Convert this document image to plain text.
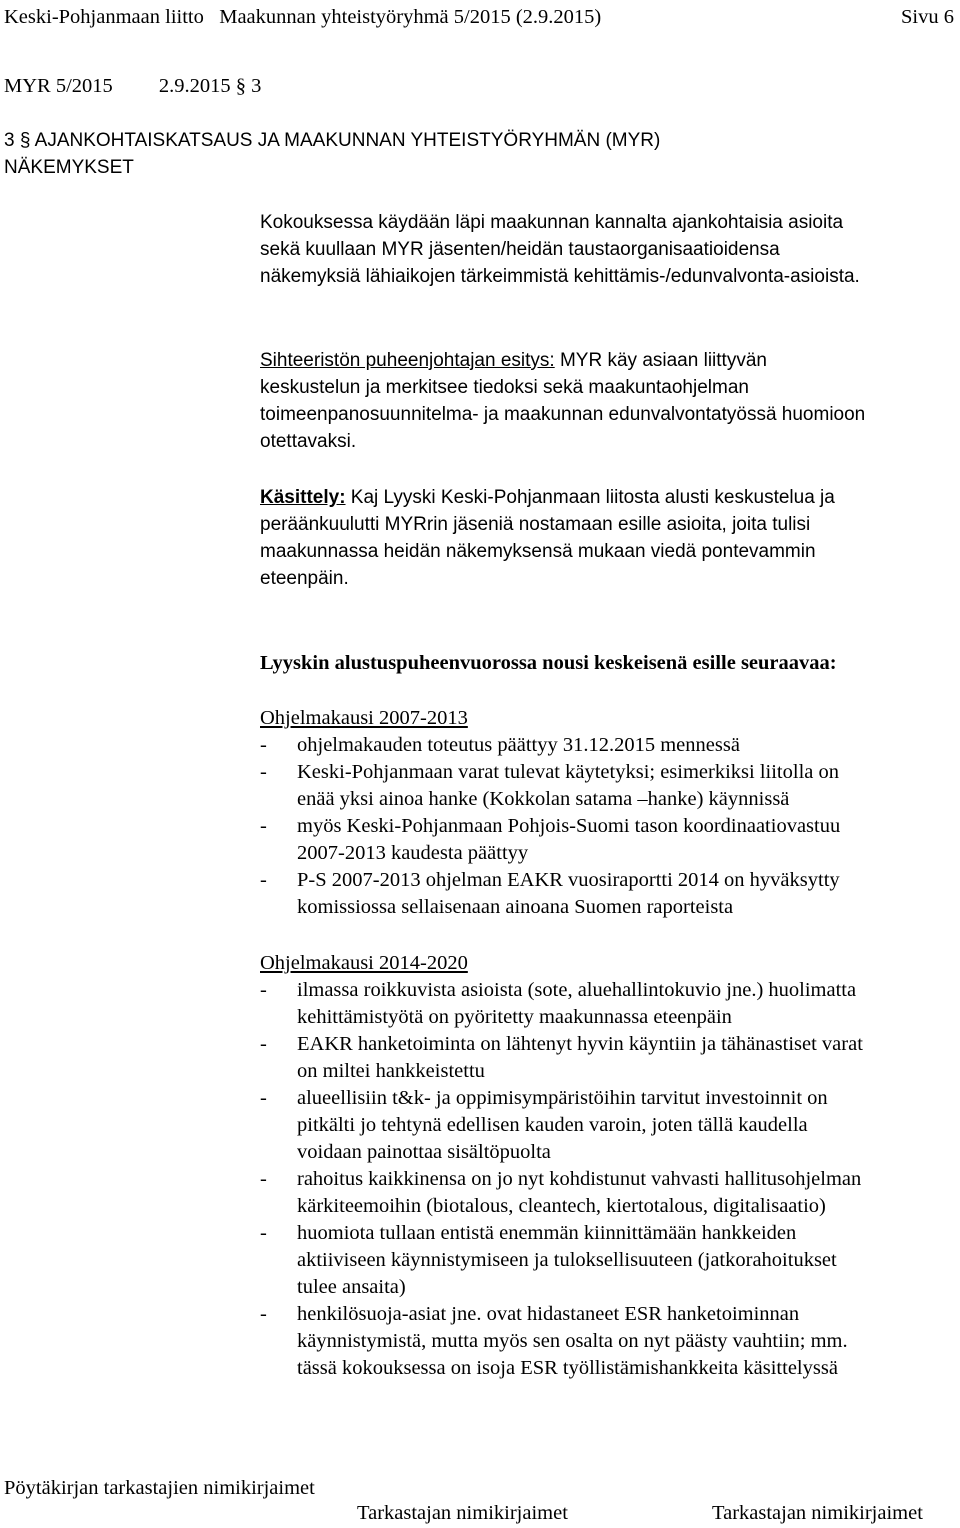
Keski-Pohjanmaan liitto   Maakunnan yhteistyöryhmä 5/2015 (2.9.2015)	Sivu 6
MYR 5/2015         2.9.2015 § 3
3 § AJANKOHTAISKATSAUS JA MAAKUNNAN YHTEISTYÖRYHMÄN (MYR)
NÄKEMYKSET
Kokouksessa käydään läpi maakunnan kannalta ajankohtaisia asioita
sekä kuullaan MYR jäsenten/heidän taustaorganisaatioidensa
näkemyksiä lähiaikojen tärkeimmistä kehittämis-/edunvalvonta-asioista.
Sihteeristön puheenjohtajan esitys: MYR käy asiaan liittyvän
keskustelun ja merkitsee tiedoksi sekä maakuntaohjelman
toimeenpanosuunnitelma- ja maakunnan edunvalvontatyössä huomioon
otettavaksi.
Käsittely: Kaj Lyyski Keski-Pohjanmaan liitosta alusti keskustelua ja
peräänkuulutti MYRrin jäseniä nostamaan esille asioita, joita tulisi
maakunnassa heidän näkemyksensä mukaan viedä pontevammin
eteenpäin.
Lyyskin alustuspuheenvuorossa nousi keskeisenä esille seuraavaa:
Ohjelmakausi 2007-2013
- ohjelmakauden toteutus päättyy 31.12.2015 mennessä
- Keski-Pohjanmaan varat tulevat käytetyksi; esimerkiksi liitolla on
enää yksi ainoa hanke (Kokkolan satama –hanke) käynnissä
- myös Keski-Pohjanmaan Pohjois-Suomi tason koordinaatiovastuu
2007-2013 kaudesta päättyy
- P-S 2007-2013 ohjelman EAKR vuosiraportti 2014 on hyväksytty
komissiossa sellaisenaan ainoana Suomen raporteista
Ohjelmakausi 2014-2020
- ilmassa roikkuvista asioista (sote, aluehallintokuvio jne.) huolimatta
kehittämistyötä on pyöritetty maakunnassa eteenpäin
- EAKR hanketoiminta on lähtenyt hyvin käyntiin ja tähänastiset varat
on miltei hankkeistettu
- alueellisiin t&k- ja oppimisympäristöihin tarvitut investoinnit on
pitkälti jo tehtynä edellisen kauden varoin, joten tällä kaudella
voidaan painottaa sisältöpuolta
- rahoitus kaikkinensa on jo nyt kohdistunut vahvasti hallitusohjelman
kärkiteemoihin (biotalous, cleantech, kiertotalous, digitalisaatio)
- huomiota tullaan entistä enemmän kiinnittämään hankkeiden
aktiiviseen käynnistymiseen ja tuloksellisuuteen (jatkorahoitukset
tulee ansaita)
- henkilösuoja-asiat jne. ovat hidastaneet ESR hanketoiminnan
käynnistymistä, mutta myös sen osalta on nyt päästy vauhtiin; mm.
tässä kokouksessa on isoja ESR työllistämishankkeita käsittelyssä
Pöytäkirjan tarkastajien nimikirjaimet
Tarkastajan nimikirjaimet	Tarkastajan nimikirjaimet
